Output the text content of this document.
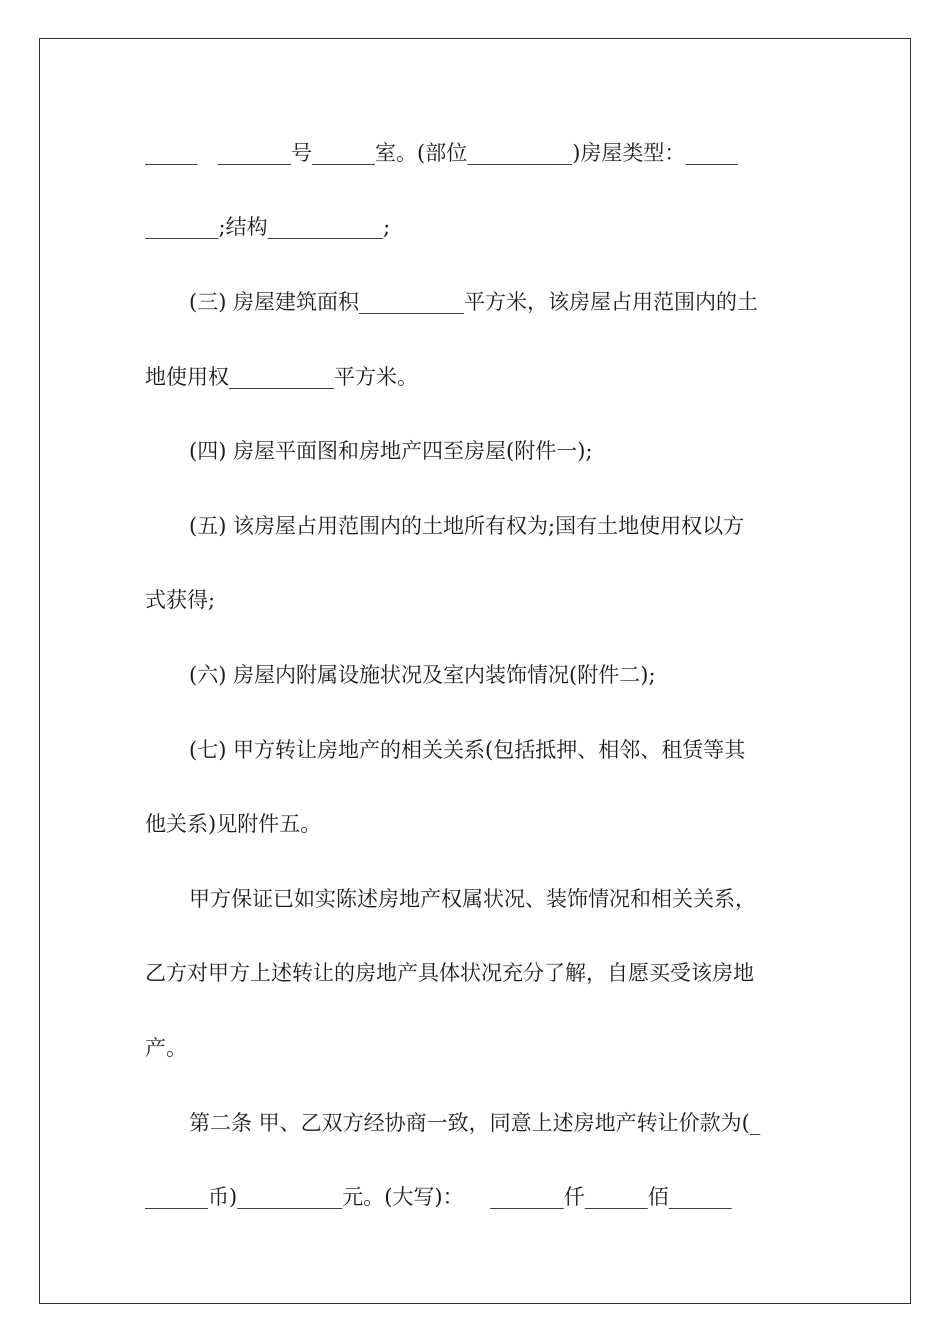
_____   _______号______室。(部位__________)房屋类型：_____
_______;结构___________;
(三) 房屋建筑面积__________平方米，该房屋占用范围内的土
地使用权__________平方米。
(四) 房屋平面图和房地产四至房屋(附件一);
(五) 该房屋占用范围内的土地所有权为;国有土地使用权以方
式获得;
(六) 房屋内附属设施状况及室内装饰情况(附件二);
(七) 甲方转让房地产的相关关系(包括抵押、相邻、租赁等其
他关系)见附件五。
甲方保证已如实陈述房地产权属状况、装饰情况和相关关系，
乙方对甲方上述转让的房地产具体状况充分了解，自愿买受该房地
产。
第二条 甲、乙双方经协商一致，同意上述房地产转让价款为(_
______币)__________元。(大写)：    _______仟______佰______
